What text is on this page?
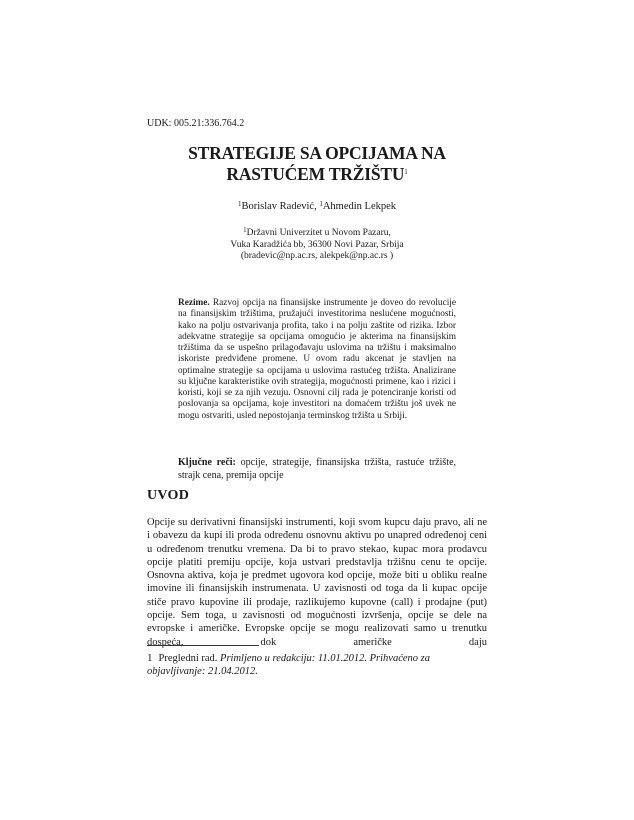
UDK: 005.21:336.764.2
STRATEGIJE SA OPCIJAMA NA
RASTUĆEM TRŽIŠTU$^1$
$^1$Borislav Radević, $^1$Ahmedin Lekpek
$^1$Državni Univerzitet u Novom Pazaru,
Vuka Karadžića bb, 36300 Novi Pazar, Srbija
(bradevic@np.ac.rs, alekpek@np.ac.rs )
Rezime. Razvoj opcija na finansijske instrumente je doveo do revolucije na finansijskim tržištima, pružajući investitorima neslućene mogućnosti, kako na polju ostvarivanja profita, tako i na polju zaštite od rizika. Izbor adekvatne strategije sa opcijama omogućio je akterima na finansijskim tržištima da se uspešno prilagođavaju uslovima na tržištu i maksimalno iskoriste predviđene promene. U ovom radu akcenat je stavljen na optimalne strategije sa opcijama u uslovima rastućeg tržišta. Analizirane su ključne karakteristike ovih strategija, mogućnosti primene, kao i rizici i koristi, koji se za njih vezuju. Osnovni cilj rada je potenciranje koristi od poslovanja sa opcijama, koje investitori na domaćem tržištu još uvek ne mogu ostvariti, usled nepostojanja terminskog tržišta u Srbiji.
Ključne reči: opcije, strategije, finansijska tržišta, rastuće tržište, strajk cena, premija opcije
UVOD
Opcije su derivativni finansijski instrumenti, koji svom kupcu daju pravo, ali ne i obavezu da kupi ili proda određenu osnovnu aktivu po unapred određenoj ceni u određenom trenutku vremena. Da bi to pravo stekao, kupac mora prodavcu opcije platiti premiju opcije, koja ustvari predstavlja tržišnu cenu te opcije. Osnovna aktiva, koja je predmet ugovora kod opcije, može biti u obliku realne imovine ili finansijskih instrumenata. U zavisnosti od toga da li kupac opcije stiče pravo kupovine ili prodaje, razlikujemo kupovne (call) i prodajne (put) opcije. Sem toga, u zavisnosti od mogućnosti izvršenja, opcije se dele na evropske i američke. Evropske opcije se mogu realizovati samo u trenutku dospeća, dok američke daju
1 Pregledni rad. Primljeno u redakciju: 11.01.2012. Prihvaćeno za objavljivanje: 21.04.2012.
